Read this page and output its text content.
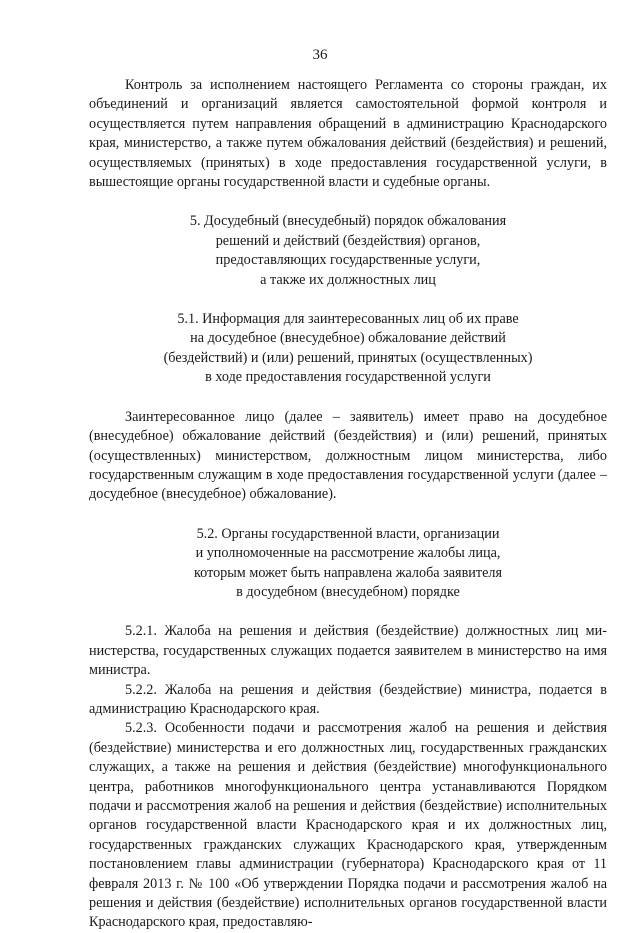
36

Контроль за исполнением настоящего Регламента со стороны граждан, их объединений и организаций является самостоятельной формой контроля и осуществляется путем направления обращений в администрацию Краснодарского края, министерство, а также путем обжалования действий (бездействия) и решений, осуществляемых (принятых) в ходе предоставления государственной услуги, в вышестоящие органы государственной власти и судебные органы.

5. Досудебный (внесудебный) порядок обжалования
решений и действий (бездействия) органов,
предоставляющих государственные услуги,
а также их должностных лиц
5.1. Информация для заинтересованных лиц об их праве
на досудебное (внесудебное) обжалование действий
(бездействий) и (или) решений, принятых (осуществленных)
в ходе предоставления государственной услуги

Заинтересованное лицо (далее – заявитель) имеет право на досудебное (внесудебное) обжалование действий (бездействия) и (или) решений, принятых (осуществленных) министерством, должностным лицом министерства, либо государственным служащим в ходе предоставления государственной услуги (далее – досудебное (внесудебное) обжалование).

5.2. Органы государственной власти, организации
и уполномоченные на рассмотрение жалобы лица,
которым может быть направлена жалоба заявителя
в досудебном (внесудебном) порядке

5.2.1. Жалоба на решения и действия (бездействие) должностных лиц министерства, государственных служащих подается заявителем в министерство на имя министра.

5.2.2. Жалоба на решения и действия (бездействие) министра, подается в администрацию Краснодарского края.

5.2.3. Особенности подачи и рассмотрения жалоб на решения и действия (бездействие) министерства и его должностных лиц, государственных гражданских служащих, а также на решения и действия (бездействие) многофункционального центра, работников многофункционального центра устанавливаются Порядком подачи и рассмотрения жалоб на решения и действия (бездействие) исполнительных органов государственной власти Краснодарского края и их должностных лиц, государственных гражданских служащих Краснодарского края, утвержденным постановлением главы администрации (губернатора) Краснодарского края от 11 февраля 2013 г. № 100 «Об утверждении Порядка подачи и рассмотрения жалоб на решения и действия (бездействие) исполнительных органов государственной власти Краснодарского края, предоставляю-
